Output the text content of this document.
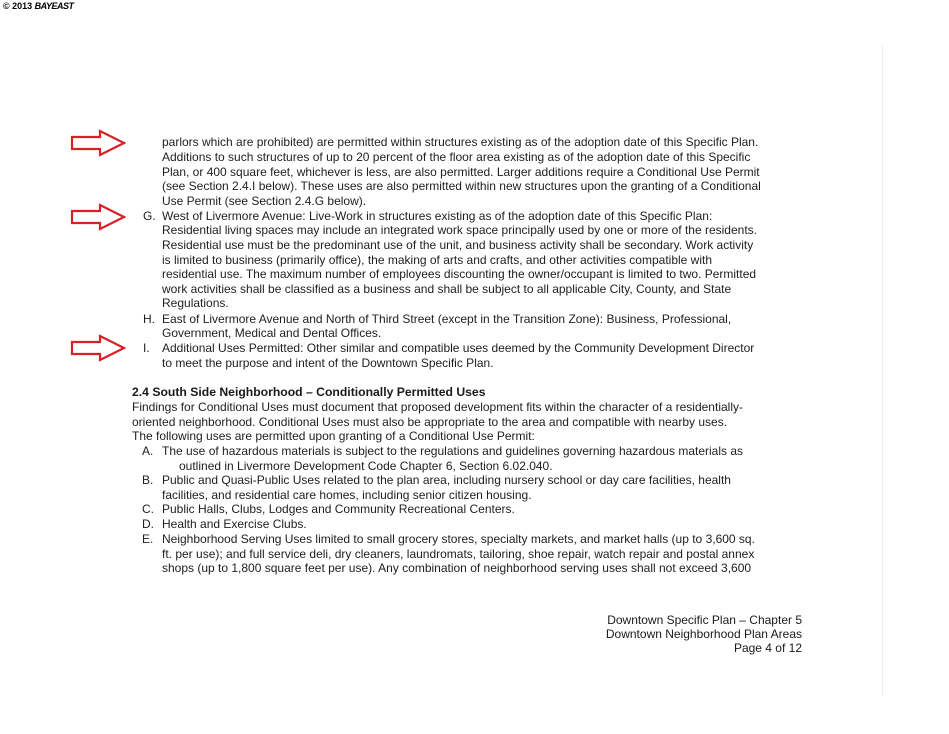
© 2013 BAYEAST
parlors which are prohibited) are permitted within structures existing as of the adoption date of this Specific Plan.
Additions to such structures of up to 20 percent of the floor area existing as of the adoption date of this Specific
Plan, or 400 square feet, whichever is less, are also permitted. Larger additions require a Conditional Use Permit
(see Section 2.4.I below). These uses are also permitted within new structures upon the granting of a Conditional
Use Permit (see Section 2.4.G below).
G. West of Livermore Avenue: Live-Work in structures existing as of the adoption date of this Specific Plan:
Residential living spaces may include an integrated work space principally used by one or more of the residents.
Residential use must be the predominant use of the unit, and business activity shall be secondary. Work activity
is limited to business (primarily office), the making of arts and crafts, and other activities compatible with
residential use. The maximum number of employees discounting the owner/occupant is limited to two. Permitted
work activities shall be classified as a business and shall be subject to all applicable City, County, and State
Regulations.
H. East of Livermore Avenue and North of Third Street (except in the Transition Zone): Business, Professional,
Government, Medical and Dental Offices.
I. Additional Uses Permitted: Other similar and compatible uses deemed by the Community Development Director
to meet the purpose and intent of the Downtown Specific Plan.
2.4 South Side Neighborhood – Conditionally Permitted Uses
Findings for Conditional Uses must document that proposed development fits within the character of a residentially-
oriented neighborhood. Conditional Uses must also be appropriate to the area and compatible with nearby uses.
The following uses are permitted upon granting of a Conditional Use Permit:
A. The use of hazardous materials is subject to the regulations and guidelines governing hazardous materials as
outlined in Livermore Development Code Chapter 6, Section 6.02.040.
B. Public and Quasi-Public Uses related to the plan area, including nursery school or day care facilities, health
facilities, and residential care homes, including senior citizen housing.
C. Public Halls, Clubs, Lodges and Community Recreational Centers.
D. Health and Exercise Clubs.
E. Neighborhood Serving Uses limited to small grocery stores, specialty markets, and market halls (up to 3,600 sq.
ft. per use); and full service deli, dry cleaners, laundromats, tailoring, shoe repair, watch repair and postal annex
shops (up to 1,800 square feet per use). Any combination of neighborhood serving uses shall not exceed 3,600
Downtown Specific Plan – Chapter 5
Downtown Neighborhood Plan Areas
Page 4 of 12
